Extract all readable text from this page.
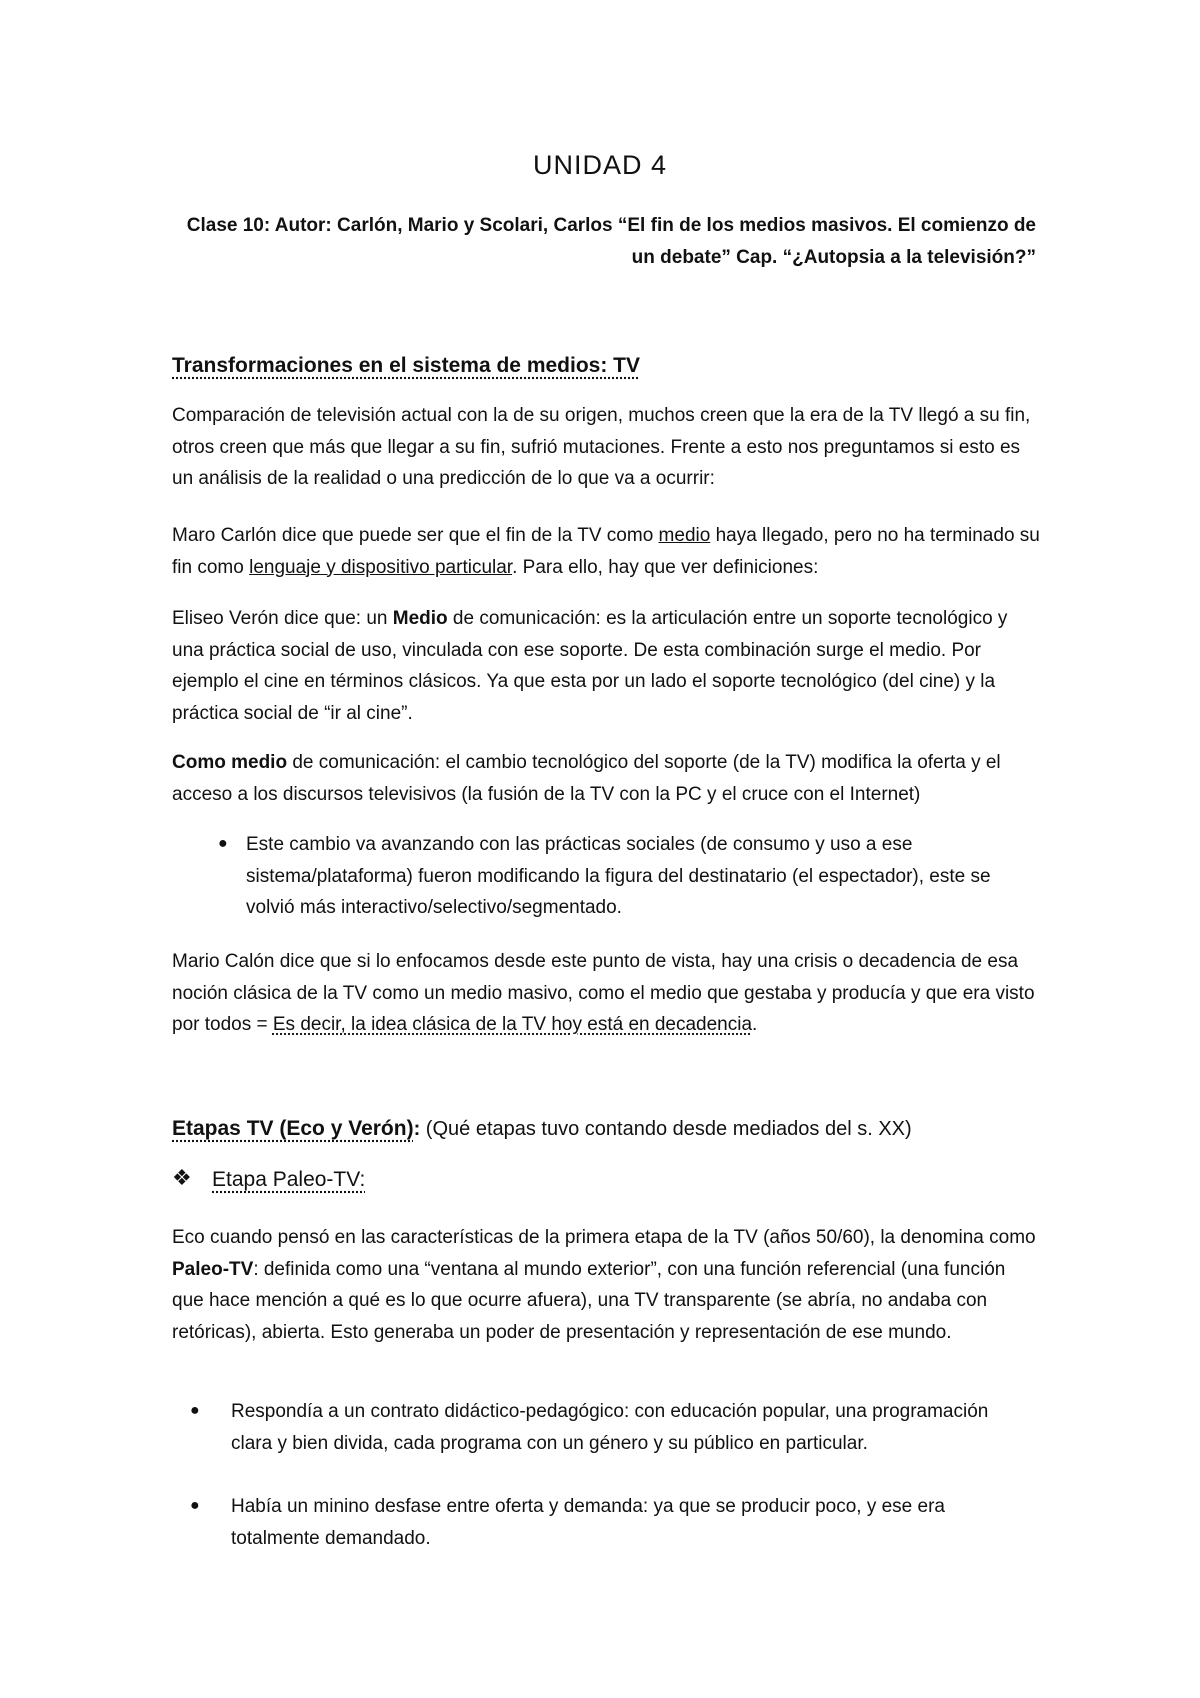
UNIDAD 4
Clase 10: Autor: Carlón, Mario y Scolari, Carlos “El fin de los medios masivos. El comienzo de
un debate” Cap. “¿Autopsia a la televisión?”
Transformaciones en el sistema de medios: TV
Comparación de televisión actual con la de su origen, muchos creen que la era de la TV llegó a su fin, otros creen que más que llegar a su fin, sufrió mutaciones. Frente a esto nos preguntamos si esto es un análisis de la realidad o una predicción de lo que va a ocurrir:
Maro Carlón dice que puede ser que el fin de la TV como medio haya llegado, pero no ha terminado su fin como lenguaje y dispositivo particular. Para ello, hay que ver definiciones:
Eliseo Verón dice que: un Medio de comunicación: es la articulación entre un soporte tecnológico y una práctica social de uso, vinculada con ese soporte. De esta combinación surge el medio. Por ejemplo el cine en términos clásicos. Ya que esta por un lado el soporte tecnológico (del cine) y la práctica social de “ir al cine”.
Como medio de comunicación: el cambio tecnológico del soporte (de la TV) modifica la oferta y el acceso a los discursos televisivos (la fusión de la TV con la PC y el cruce con el Internet)
● Este cambio va avanzando con las prácticas sociales (de consumo y uso a ese sistema/plataforma) fueron modificando la figura del destinatario (el espectador), este se volvió más interactivo/selectivo/segmentado.
Mario Calón dice que si lo enfocamos desde este punto de vista, hay una crisis o decadencia de esa noción clásica de la TV como un medio masivo, como el medio que gestaba y producía y que era visto por todos = Es decir, la idea clásica de la TV hoy está en decadencia.
Etapas TV (Eco y Verón): (Qué etapas tuvo contando desde mediados del s. XX)
❖ Etapa Paleo-TV:
Eco cuando pensó en las características de la primera etapa de la TV (años 50/60), la denomina como Paleo-TV: definida como una “ventana al mundo exterior”, con una función referencial (una función que hace mención a qué es lo que ocurre afuera), una TV transparente (se abría, no andaba con retóricas), abierta. Esto generaba un poder de presentación y representación de ese mundo.
● Respondía a un contrato didáctico-pedagógico: con educación popular, una programación clara y bien divida, cada programa con un género y su público en particular.
● Había un minino desfase entre oferta y demanda: ya que se producir poco, y ese era totalmente demandado.
